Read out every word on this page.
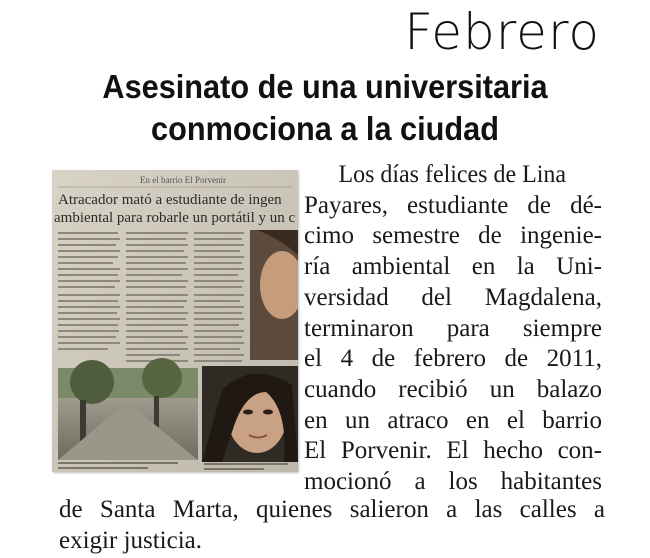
Febrero
Asesinato de una universitaria
conmociona a la ciudad
En el barrio El Porvenir
Atracador mató a estudiante de ingen
ambiental para robarle un portátil y un c
Los días felices de Lina
Payares, estudiante de dé-
cimo semestre de ingenie-
ría ambiental en la Uni-
versidad del Magdalena,
terminaron para siempre
el 4 de febrero de 2011,
cuando recibió un balazo
en un atraco en el barrio
El Porvenir. El hecho con-
mocionó a los habitantes
de Santa Marta, quienes salieron a las calles a
exigir justicia.
